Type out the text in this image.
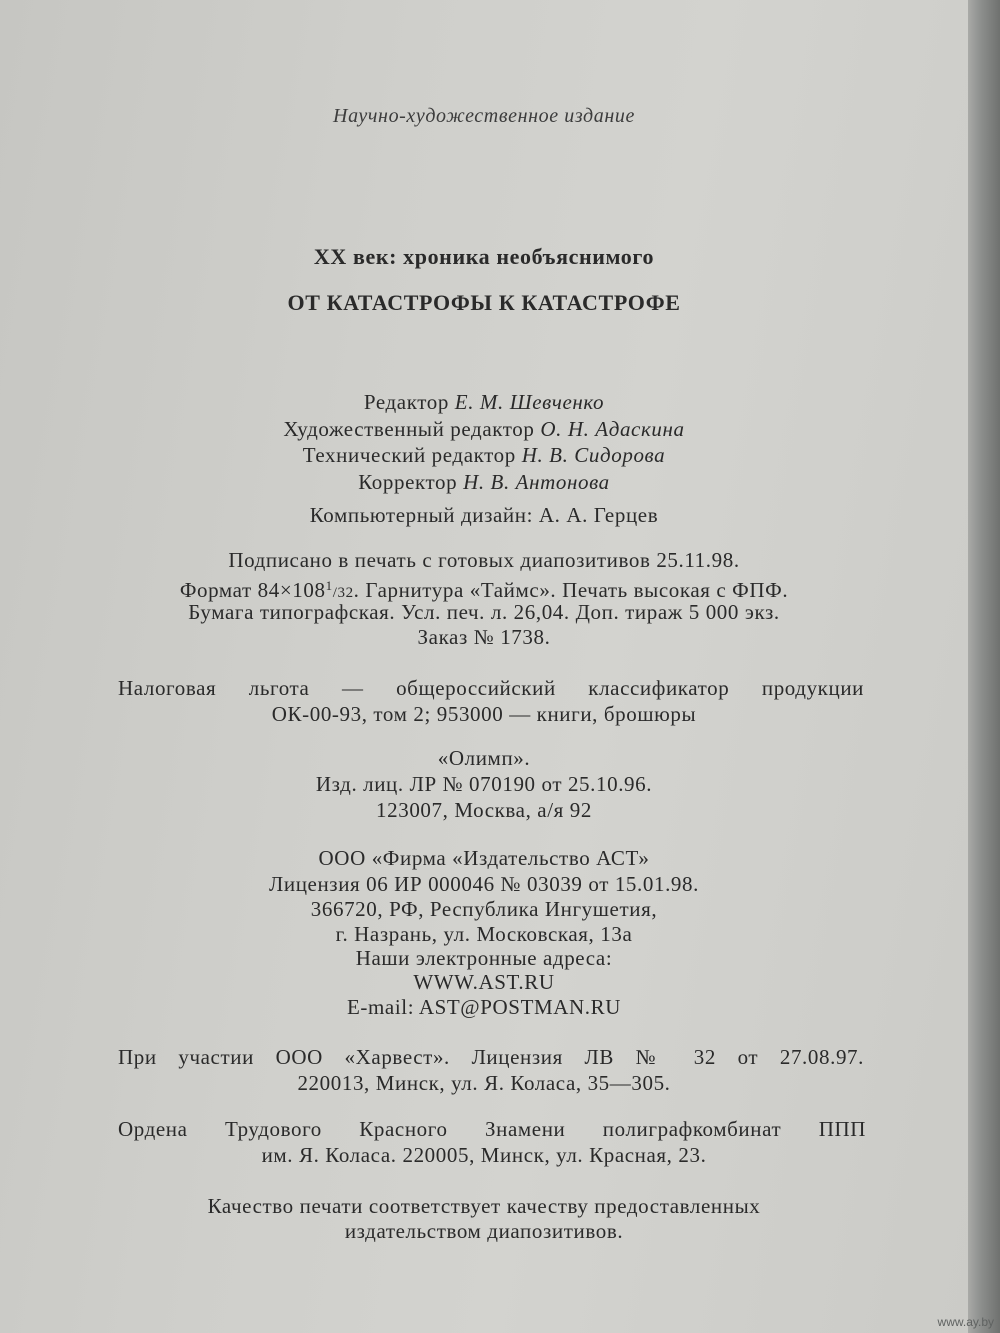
Научно-художественное издание
XX век: хроника необъяснимого
ОТ КАТАСТРОФЫ К КАТАСТРОФЕ
Редактор Е. М. Шевченко
Художественный редактор О. Н. Адаскина
Технический редактор Н. В. Сидорова
Корректор Н. В. Антонова
Компьютерный дизайн: А. А. Герцев
Подписано в печать с готовых диапозитивов 25.11.98.
Формат $84\times 108^1/32$. Гарнитура «Таймс». Печать высокая с ФПФ.
Бумага типографская. Усл. печ. л. 26,04. Доп. тираж 5 000 экз.
Заказ № 1738.
Налоговая льгота — общероссийский классификатор продукции
ОК-00-93, том 2; 953000 — книги, брошюры
«Олимп».
Изд. лиц. ЛР № 070190 от 25.10.96.
123007, Москва, а/я 92
ООО «Фирма «Издательство АСТ»
Лицензия 06 ИР 000046 № 03039 от 15.01.98.
366720, РФ, Республика Ингушетия,
г. Назрань, ул. Московская, 13а
Наши электронные адреса:
WWW.AST.RU
E-mail: AST@POSTMAN.RU
При участии ООО «Харвест». Лицензия ЛВ № 32 от 27.08.97.
220013, Минск, ул. Я. Коласа, 35—305.
Ордена Трудового Красного Знамени полиграфкомбинат ППП
им. Я. Коласа. 220005, Минск, ул. Красная, 23.
Качество печати соответствует качеству предоставленных
издательством диапозитивов.
www.ay.by
